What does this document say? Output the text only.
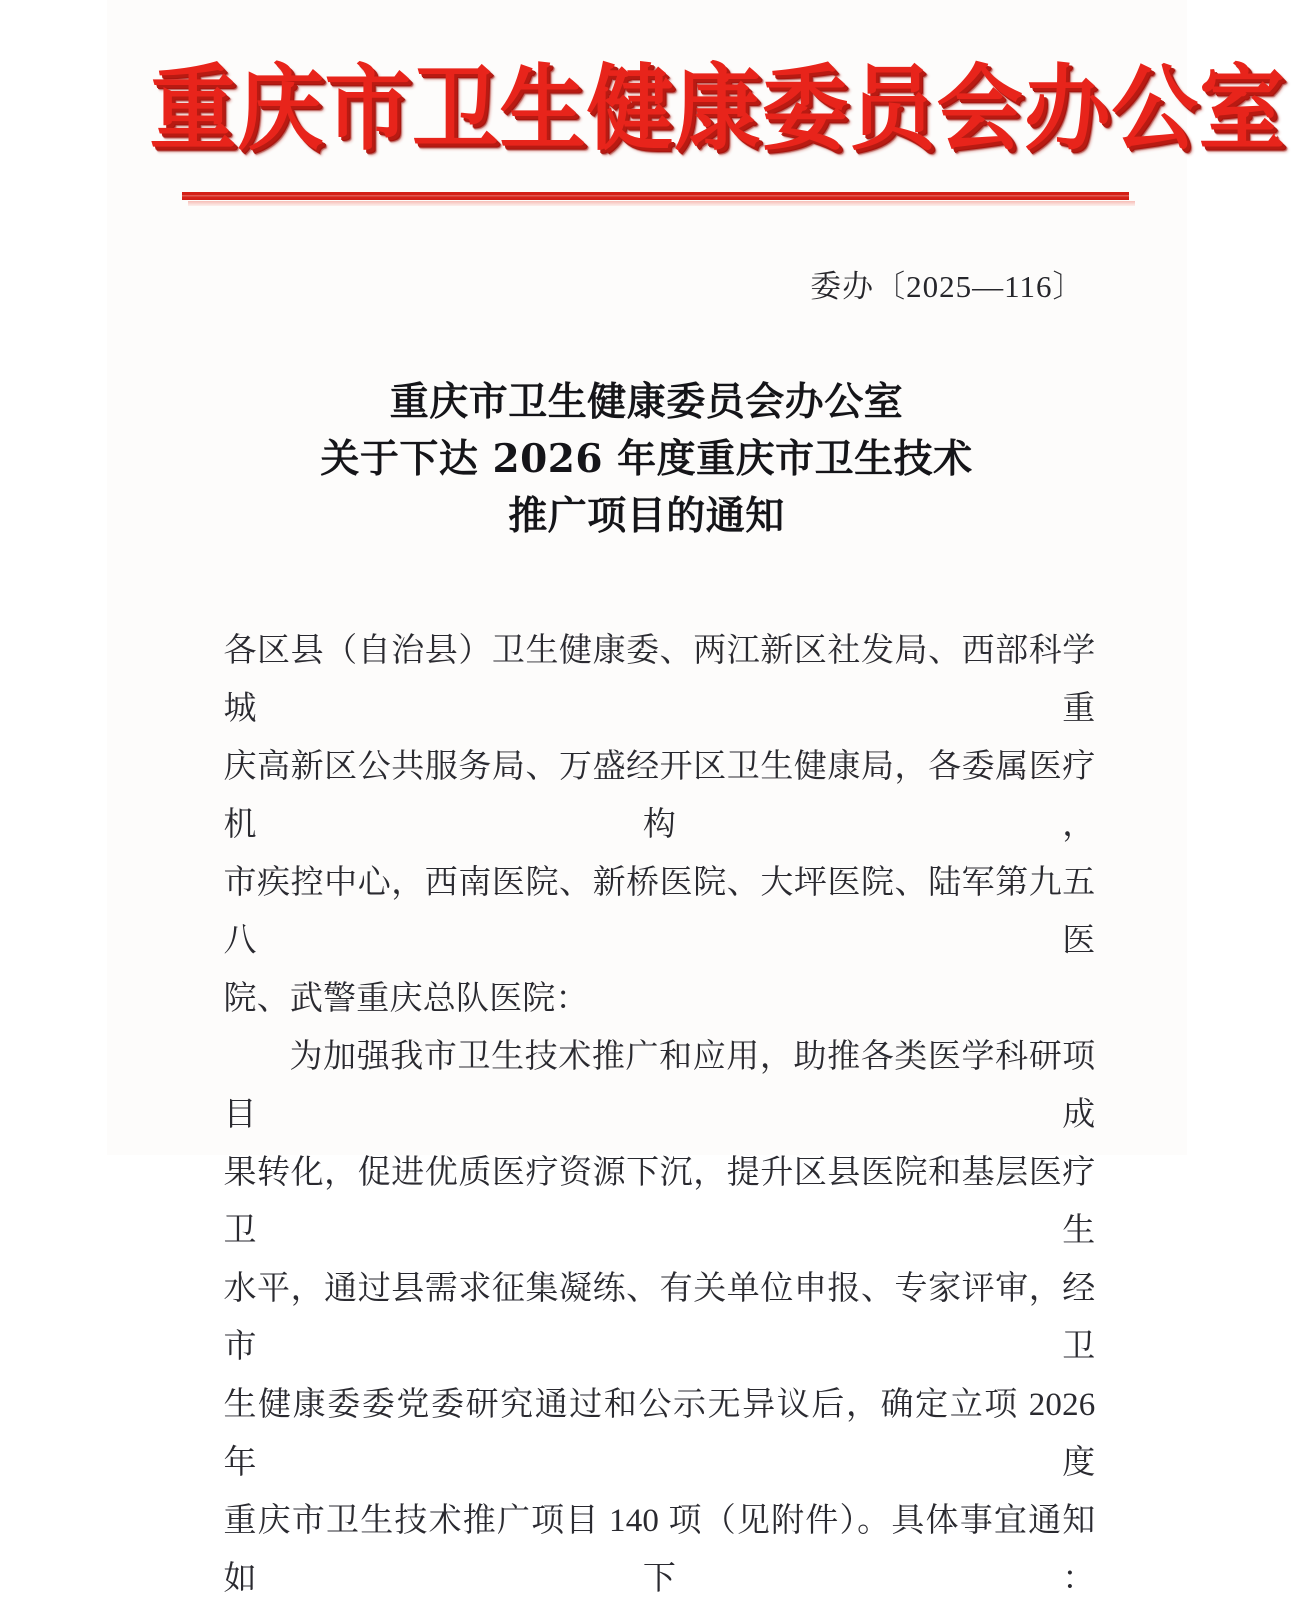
重庆市卫生健康委员会办公室
委办〔2025—116〕
重庆市卫生健康委员会办公室
关于下达 2026 年度重庆市卫生技术
推广项目的通知
各区县（自治县）卫生健康委、两江新区社发局、西部科学城重
庆高新区公共服务局、万盛经开区卫生健康局，各委属医疗机构，
市疾控中心，西南医院、新桥医院、大坪医院、陆军第九五八医
院、武警重庆总队医院：
为加强我市卫生技术推广和应用，助推各类医学科研项目成
果转化，促进优质医疗资源下沉，提升区县医院和基层医疗卫生
水平，通过县需求征集凝练、有关单位申报、专家评审，经市卫
生健康委委党委研究通过和公示无异议后，确定立项 2026 年度
重庆市卫生技术推广项目 140 项（见附件）。具体事宜通知如下：
